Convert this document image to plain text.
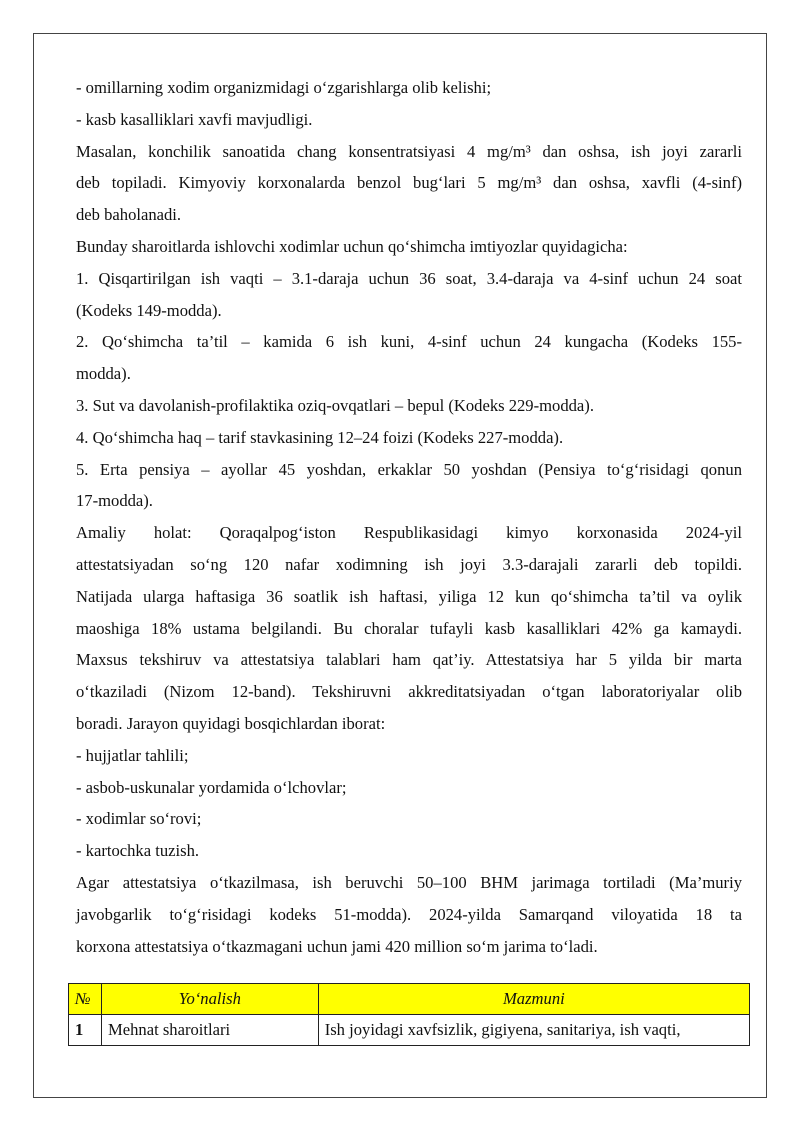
- omillarning xodim organizmidagi o‘zgarishlarga olib kelishi;
- kasb kasalliklari xavfi mavjudligi.
Masalan, konchilik sanoatida chang konsentratsiyasi 4 mg/m³ dan oshsa, ish joyi zararli
deb topiladi. Kimyoviy korxonalarda benzol bug‘lari 5 mg/m³ dan oshsa, xavfli (4-sinf)
deb baholanadi.
Bunday sharoitlarda ishlovchi xodimlar uchun qo‘shimcha imtiyozlar quyidagicha:
1. Qisqartirilgan ish vaqti – 3.1-daraja uchun 36 soat, 3.4-daraja va 4-sinf uchun 24 soat
(Kodeks 149-modda).
2. Qo‘shimcha ta’til – kamida 6 ish kuni, 4-sinf uchun 24 kungacha (Kodeks 155-
modda).
3. Sut va davolanish-profilaktika oziq-ovqatlari – bepul (Kodeks 229-modda).
4. Qo‘shimcha haq – tarif stavkasining 12–24 foizi (Kodeks 227-modda).
5. Erta pensiya – ayollar 45 yoshdan, erkaklar 50 yoshdan (Pensiya to‘g‘risidagi qonun
17-modda).
Amaliy holat: Qoraqalpog‘iston Respublikasidagi kimyo korxonasida 2024-yil
attestatsiyadan so‘ng 120 nafar xodimning ish joyi 3.3-darajali zararli deb topildi.
Natijada ularga haftasiga 36 soatlik ish haftasi, yiliga 12 kun qo‘shimcha ta’til va oylik
maoshiga 18% ustama belgilandi. Bu choralar tufayli kasb kasalliklari 42% ga kamaydi.
Maxsus tekshiruv va attestatsiya talablari ham qat’iy. Attestatsiya har 5 yilda bir marta
o‘tkaziladi (Nizom 12-band). Tekshiruvni akkreditatsiyadan o‘tgan laboratoriyalar olib
boradi. Jarayon quyidagi bosqichlardan iborat:
- hujjatlar tahlili;
- asbob-uskunalar yordamida o‘lchovlar;
- xodimlar so‘rovi;
- kartochka tuzish.
Agar attestatsiya o‘tkazilmasa, ish beruvchi 50–100 BHM jarimaga tortiladi (Ma’muriy
javobgarlik to‘g‘risidagi kodeks 51-modda). 2024-yilda Samarqand viloyatida 18 ta
korxona attestatsiya o‘tkazmagani uchun jami 420 million so‘m jarima to‘ladi.
№	Yo‘nalish	Mazmuni
1	Mehnat sharoitlari	Ish joyidagi xavfsizlik, gigiyena, sanitariya, ish vaqti,
